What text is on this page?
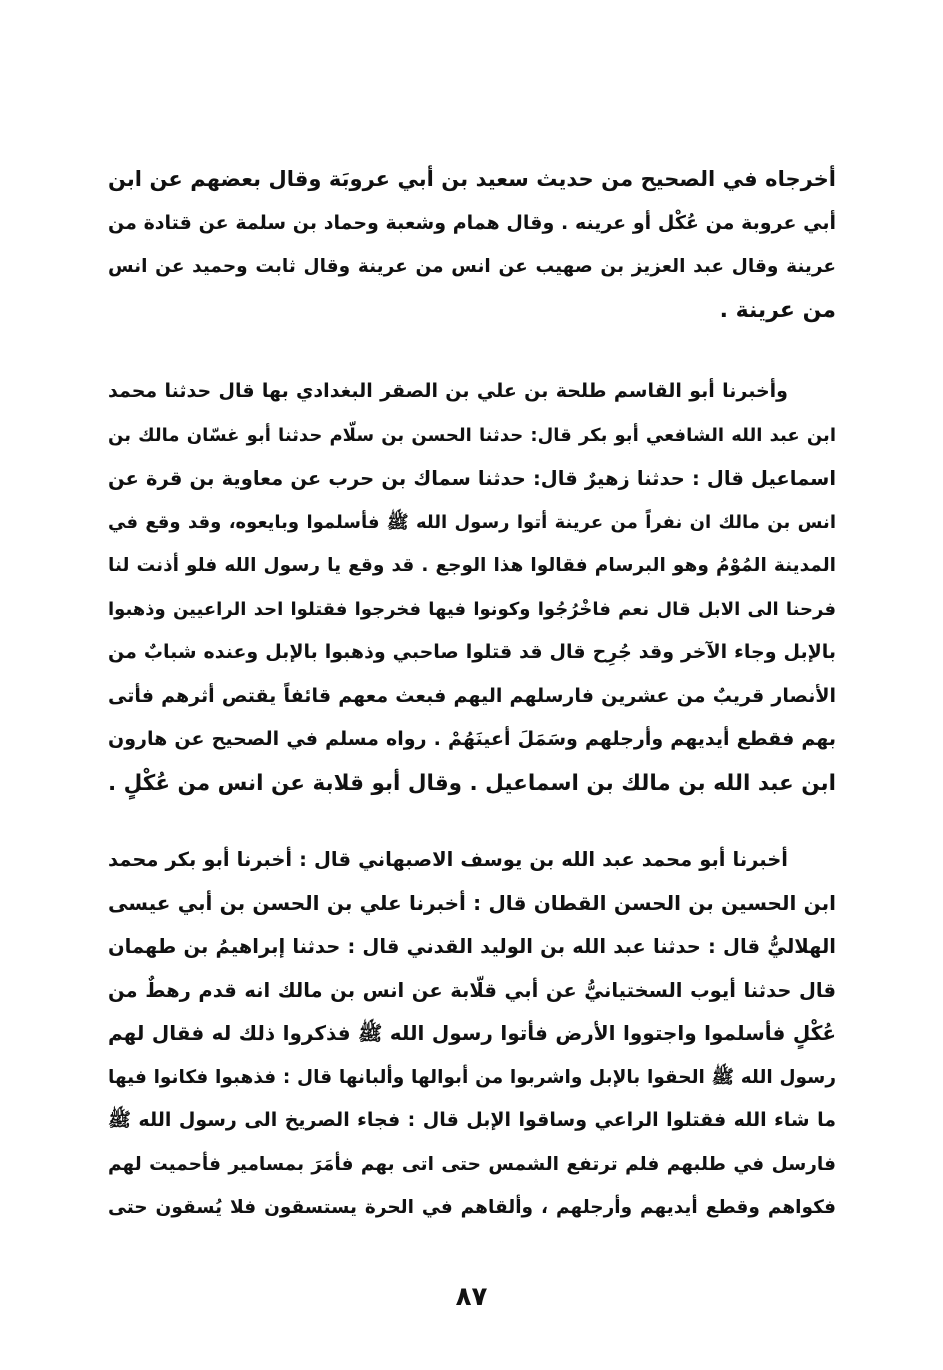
أخرجاه في الصحيح من حديث سعيد بن أبي عروبَة وقال بعضهم عن ابن
أبي عروبة من عُكْل أو عرينه . وقال همام وشعبة وحماد بن سلمة عن قتادة من
عرينة وقال عبد العزيز بن صهيب عن انس من عرينة وقال ثابت وحميد عن انس
من عرينة .
وأخبرنا أبو القاسم طلحة بن علي بن الصقر البغدادي بها قال حدثنا محمد
ابن عبد الله الشافعي أبو بكر قال: حدثنا الحسن بن سلّام حدثنا أبو غسّان مالك بن
اسماعيل قال : حدثنا زهيرٌ قال: حدثنا سماك بن حرب عن معاوية بن قرة عن
انس بن مالك ان نفراً من عرينة أتوا رسول الله ﷺ فأسلموا وبايعوه، وقد وقع في
المدينة المُوْمُ وهو البرسام فقالوا هذا الوجع . قد وقع يا رسول الله فلو أذنت لنا
فرحنا الى الابل قال نعم فاخْرُجُوا وكونوا فيها فخرجوا فقتلوا احد الراعيين وذهبوا
بالإبل وجاء الآخر وقد جُرِح قال قد قتلوا صاحبي وذهبوا بالإبل وعنده شبابٌ من
الأنصار قريبٌ من عشرين فارسلهم اليهم فبعث معهم قائفاً يقتص أثرهم فأتى
بهم فقطع أيديهم وأرجلهم وسَمَلَ أعينَهُمْ . رواه مسلم في الصحيح عن هارون
ابن عبد الله بن مالك بن اسماعيل . وقال أبو قلابة عن انس من عُكْلٍ .
أخبرنا أبو محمد عبد الله بن يوسف الاصبهاني قال : أخبرنا أبو بكر محمد
ابن الحسين بن الحسن القطان قال : أخبرنا علي بن الحسن بن أبي عيسى
الهلاليُّ قال : حدثنا عبد الله بن الوليد القدني قال : حدثنا إبراهيمُ بن طهمان
قال حدثنا أيوب السختيانيُّ عن أبي قلّابة عن انس بن مالك انه قدم رهطٌ من
عُكْلٍ فأسلموا واجتووا الأرض فأتوا رسول الله ﷺ فذكروا ذلك له فقال لهم
رسول الله ﷺ الحقوا بالإبل واشربوا من أبوالها وألبانها قال : فذهبوا فكانوا فيها
ما شاء الله فقتلوا الراعي وساقوا الإبل قال : فجاء الصريخ الى رسول الله ﷺ
فارسل في طلبهم فلم ترتفع الشمس حتى اتى بهم فأمَرَ بمسامير فأحميت لهم
فكواهم وقطع أيديهم وأرجلهم ، وألقاهم في الحرة يستسقون فلا يُسقون حتى
٨٧
